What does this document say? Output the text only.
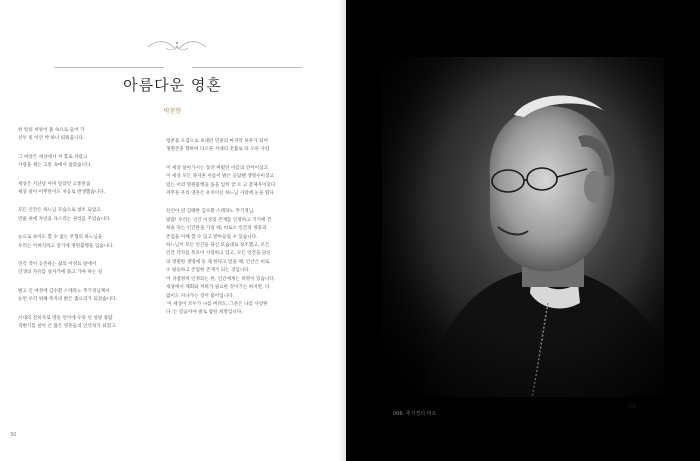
아름다운 영혼
박찬현
한 알의 씨앗이 흙 속으로 들어 가
선두 및 어린 싹 하나 퇴워웁니다.
그 싸앗은 세상에서 저 홀로 자랐고
사랑을 제는 고통 속에서 살았습니다.
세상은 지난날 아미 알았던 고통만큼
세상 살이 어쭈만이도 처응로 반생했습니다.
모든 인간은 하느님 모습으로 창조 되었고
만물 위에 자연을 다스리는 권리를 주었습니다.
눈으로 보아도 할 수 없는 무형의 하느님을
우리는 어쩌지라고 얼기에 명원불행을 입습니다.
진각 작이 공존하는 삶의 이정표 앞에서
인생의 자유를 실자가에 묶고 가야 하는 길
발고 긴 여정에 김수환 스테파노 추기경님께서
눈먼 우리 위해 족자의 밝은 좁으리가 되셨습니다.
시대의 전치자로 명동 언덕에 우뚝 선 성당 종탑
격변기를 살아 온 많은 영혼들의 인석처가 되었고
청춘을 오염으로 보내던 민중의 마지막 보루가 되어
생명존중 향하여 다오른 사대의 촛불로 타 오른 사랑
이 세상 살아가시는 동안 버렸던 이름의 언어이셨고
이 세상 모든 목자흔 이름이 밝은 응답핸 생명수이셨고
있는 이의 명원불행을 돌을 입히 굳 으 고 총제자이셨다
저무른 우리 영혼은 유치이신 하느님 사랑에 눈을 떴다
신인이 된 김태한 김수환 스테파노 추기경님,
말씀! 우리는 인간 이상의 존재를 인정하고 기기에 건
희솔 뒤는 인간관을 가질 때, 비로소 인간의 정중과
존엄을 이해 할 수 있고 받아들일 수 있습니다.
하느님이 모든 인간을 당신 모습대로 창조했고, 모든
인간 각자를 특유이 사랑하고 있고, 모든 인간을 당신
의 영원한 생명에 등 제 한다고 믿을 때, 인간은 비로
소 평등하고 존엄한 존재가 되는 것입니다.
이 귀엽정히 인정되는 한, 인간에게는 희망이 있습니다.
세상에서 제회와 저희가 필요한 것이기는 하지만, 다
없이도 지나가는 것이 불어입니다.
'이 세상이 모두가 나를 버려도, 그분은 나를 사랑한
다.'는 믿음이야 말로 참된 희망입니다.
30
006. 추기경의 미소
기록
